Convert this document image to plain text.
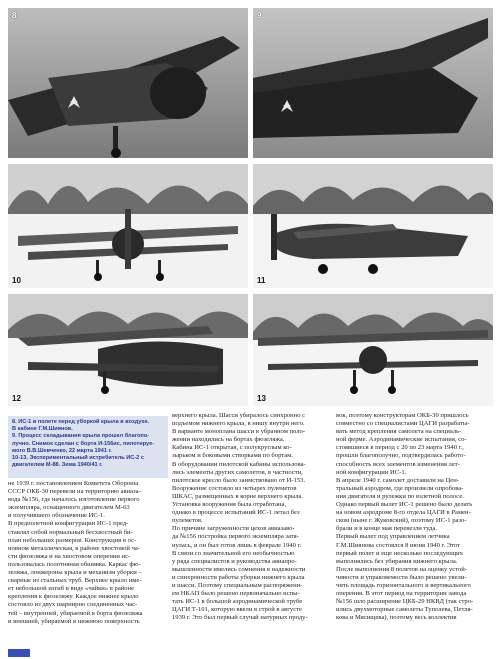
8	9
10	11
12	13
8. ИС-1 в полете перед уборкой крыла в воздухе.
В кабине Г.М.Шиянов.
9. Процесс складывания крыла прошел благопо-
лучно. Снимок сделан с борта И-156ис, пилотируе-
мого В.В.Шевченко, 22 марта 1941 г.
10-13. Экспериментальный истребитель ИС-2 с
двигателем М-88. Зима 1940/41 г.
не 1939 г. постановлением Комитета Обороны
СССР ОКБ-30 перевели на территорию авиаза-
вода №156, где началось изготовление первого
экземпляра, оснащенного двигателем М-63
и получившего обозначение ИС-1.
В предполетной конфигурации ИС-1 пред-
ставлял собой нормальный бесхвостный би-
план небольших размеров. Конструкция в ос-
новном металлическая, в районе хвостовой ча-
сти фюзеляжа и на хвостовом оперении ис-
пользовалась полотняная обшивка. Каркас фю-
зеляжа, лонжероны крыла и механизм уборки –
сварные из стальных труб. Верхнее крыло име-
ет небольшой изгиб в виде «чайки» в районе
крепления к фюзеляжу. Каждое нижнее крыло
состояло из двух шарнирно соединенных час-
тей – внутренней, убираемой в борта фюзеляжа
и внешней, убираемой в нижнюю поверхность
верхнего крыла. Шасси убиралось синхронно с
подъемом нижнего крыла, в нишу внутри него.
В варианте монопланa шасси в убранном поло-
жении находились на бортах фюзеляжа.
Кабина ИС-1 открытая, с полукруглым ко-
зырьком и боковыми створками по бортам.
В оборудовании пилотской кабины использова-
лись элементы других самолетов, в частности,
пилотское кресло было заимствовано от И-153.
Вооружение состояло из четырех пулеметов
ШКАС, размещенных в корне верхнего крыла.
Установка вооружения была отработана,
однако в процессе испытаний ИС-1 летал без
пулеметов.
По причине загруженности цехов авиазаво-
да №156 постройка первого экземпляра затя-
нулась, и он был готов лишь в феврале 1940 г.
В связи со значительной его необычностью
у ряда специалистов и руководства авиапро-
мышленности имелись сомнения в надежности
и синхронности работы уборки нижнего крыла
и шасси. Поэтому специальным распоряжени-
ем НКАП было решено первоначально испы-
тать ИС-1 в большой аэродинамической трубе
ЦАГИ Т-101, которую ввели в строй в августе
1939 г. Это был первый случай натурных проду-
вок, поэтому конструкторам ОКБ-30 пришлось
совместно со специалистами ЦАГИ разрабаты-
вать метод крепления самолета на специаль-
ной ферме. Аэродинамические испытания, со-
стоявшиеся в период с 20 по 23 марта 1940 г.,
прошли благополучно, подтвердилась работо-
способность всех элементов изменения лет-
ной конфигурации ИС-1.
В апреле 1940 г. самолет доставили на Цен-
тральный аэродром, где произвели опробова-
ния двигателя и рулежки по взлетной полосе.
Однако первый вылет ИС-1 решено было делать
на новом аэродроме 8-го отдела ЦАГИ в Рамен-
ском (ныне г. Жуковский), поэтому ИС-1 разо-
брали и в конце мая перевезли туда.
Первый вылет под управлением летчика
Г.М.Шиянова состоялся 8 июня 1940 г. Этот
первый полет и еще несколько последующих
выполнялись без убирания нижнего крыла.
После выполнения 8 полетов на оценку устой-
чивости и управляемости было решено увели-
чить площадь горизонтального и вертикального
оперения. В этот период на территории завода
№156 шло расширение ЦКБ-29 НКВД (так стро-
ились двухмоторные самолеты Туполева, Петля-
кова и Мясищева), поэтому весь коллектив
